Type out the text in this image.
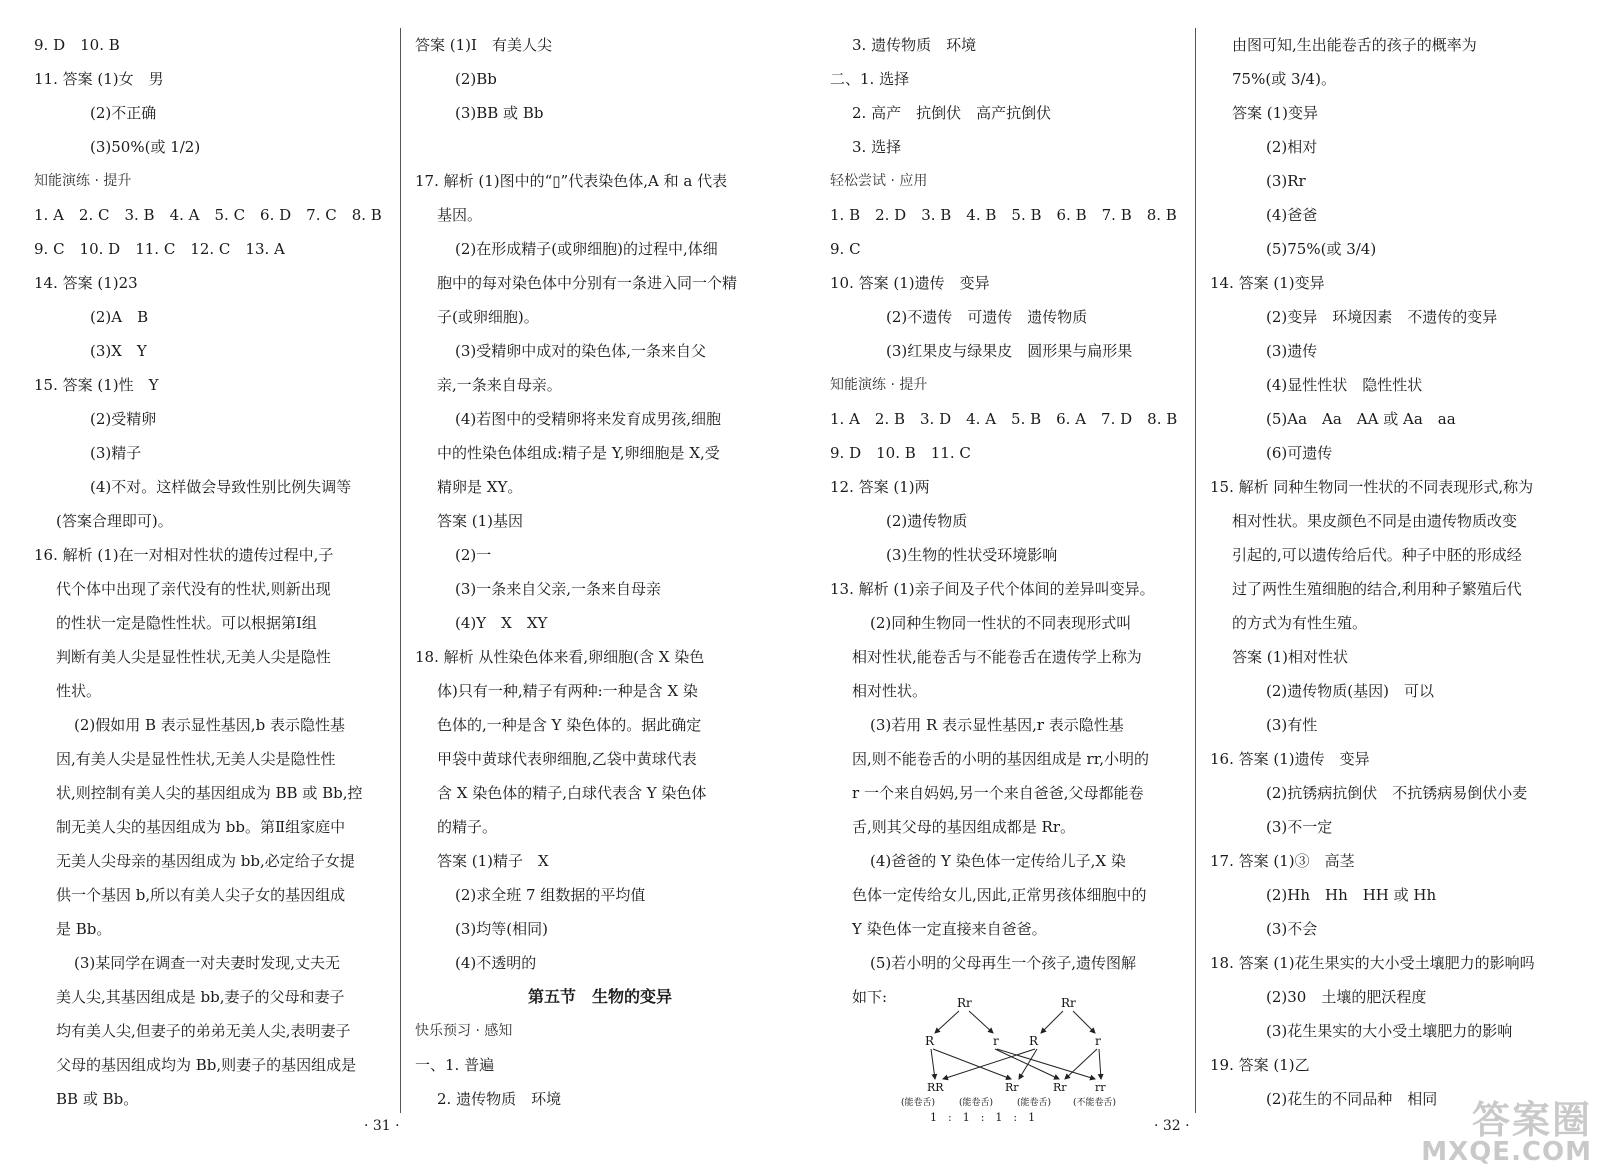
9. D　10. B
11. 答案 (1)女　男
(2)不正确
(3)50%(或 1/2)
知能演练 · 提升
1. A　2. C　3. B　4. A　5. C　6. D　7. C　8. B
9. C　10. D　11. C　12. C　13. A
14. 答案 (1)23
(2)A　B
(3)X　Y
15. 答案 (1)性　Y
(2)受精卵
(3)精子
(4)不对。这样做会导致性别比例失调等
(答案合理即可)。
16. 解析 (1)在一对相对性状的遗传过程中,子
代个体中出现了亲代没有的性状,则新出现
的性状一定是隐性性状。可以根据第Ⅰ组
判断有美人尖是显性性状,无美人尖是隐性
性状。
(2)假如用 B 表示显性基因,b 表示隐性基
因,有美人尖是显性性状,无美人尖是隐性性
状,则控制有美人尖的基因组成为 BB 或 Bb,控
制无美人尖的基因组成为 bb。第Ⅱ组家庭中
无美人尖母亲的基因组成为 bb,必定给子女提
供一个基因 b,所以有美人尖子女的基因组成
是 Bb。
(3)某同学在调查一对夫妻时发现,丈夫无
美人尖,其基因组成是 bb,妻子的父母和妻子
均有美人尖,但妻子的弟弟无美人尖,表明妻子
父母的基因组成均为 Bb,则妻子的基因组成是
BB 或 Bb。
答案 (1)Ⅰ　有美人尖
(2)Bb
(3)BB 或 Bb
17. 解析 (1)图中的“▯”代表染色体,A 和 a 代表
基因。
(2)在形成精子(或卵细胞)的过程中,体细
胞中的每对染色体中分别有一条进入同一个精
子(或卵细胞)。
(3)受精卵中成对的染色体,一条来自父
亲,一条来自母亲。
(4)若图中的受精卵将来发育成男孩,细胞
中的性染色体组成:精子是 Y,卵细胞是 X,受
精卵是 XY。
答案 (1)基因
(2)一
(3)一条来自父亲,一条来自母亲
(4)Y　X　XY
18. 解析 从性染色体来看,卵细胞(含 X 染色
体)只有一种,精子有两种:一种是含 X 染
色体的,一种是含 Y 染色体的。据此确定
甲袋中黄球代表卵细胞,乙袋中黄球代表
含 X 染色体的精子,白球代表含 Y 染色体
的精子。
答案 (1)精子　X
(2)求全班 7 组数据的平均值
(3)均等(相同)
(4)不透明的
第五节　生物的变异
快乐预习 · 感知
一、1. 普遍
2. 遗传物质　环境
3. 遗传物质　环境
二、1. 选择
2. 高产　抗倒伏　高产抗倒伏
3. 选择
轻松尝试 · 应用
1. B　2. D　3. B　4. B　5. B　6. B　7. B　8. B
9. C
10. 答案 (1)遗传　变异
(2)不遗传　可遗传　遗传物质
(3)红果皮与绿果皮　圆形果与扁形果
知能演练 · 提升
1. A　2. B　3. D　4. A　5. B　6. A　7. D　8. B
9. D　10. B　11. C
12. 答案 (1)两
(2)遗传物质
(3)生物的性状受环境影响
13. 解析 (1)亲子间及子代个体间的差异叫变异。
(2)同种生物同一性状的不同表现形式叫
相对性状,能卷舌与不能卷舌在遗传学上称为
相对性状。
(3)若用 R 表示显性基因,r 表示隐性基
因,则不能卷舌的小明的基因组成是 rr,小明的
r 一个来自妈妈,另一个来自爸爸,父母都能卷
舌,则其父母的基因组成都是 Rr。
(4)爸爸的 Y 染色体一定传给儿子,X 染
色体一定传给女儿,因此,正常男孩体细胞中的
Y 染色体一定直接来自爸爸。
(5)若小明的父母再生一个孩子,遗传图解
如下:
由图可知,生出能卷舌的孩子的概率为
75%(或 3/4)。
答案 (1)变异
(2)相对
(3)Rr
(4)爸爸
(5)75%(或 3/4)
14. 答案 (1)变异
(2)变异　环境因素　不遗传的变异
(3)遗传
(4)显性性状　隐性性状
(5)Aa　Aa　AA 或 Aa　aa
(6)可遗传
15. 解析 同种生物同一性状的不同表现形式,称为
相对性状。果皮颜色不同是由遗传物质改变
引起的,可以遗传给后代。种子中胚的形成经
过了两性生殖细胞的结合,利用种子繁殖后代
的方式为有性生殖。
答案 (1)相对性状
(2)遗传物质(基因)　可以
(3)有性
16. 答案 (1)遗传　变异
(2)抗锈病抗倒伏　不抗锈病易倒伏小麦
(3)不一定
17. 答案 (1)③　高茎
(2)Hh　Hh　HH 或 Hh
(3)不会
18. 答案 (1)花生果实的大小受土壤肥力的影响吗
(2)30　土壤的肥沃程度
(3)花生果实的大小受土壤肥力的影响
19. 答案 (1)乙
(2)花生的不同品种　相同
Rr	Rr
R	r	R	r
RR	Rr	Rr	rr
(能卷舌)	(能卷舌)	(能卷舌) (不能卷舌)
1　:　1　:　1　:　1
· 31 ·	· 32 ·	答案圈
MXQE.COM
